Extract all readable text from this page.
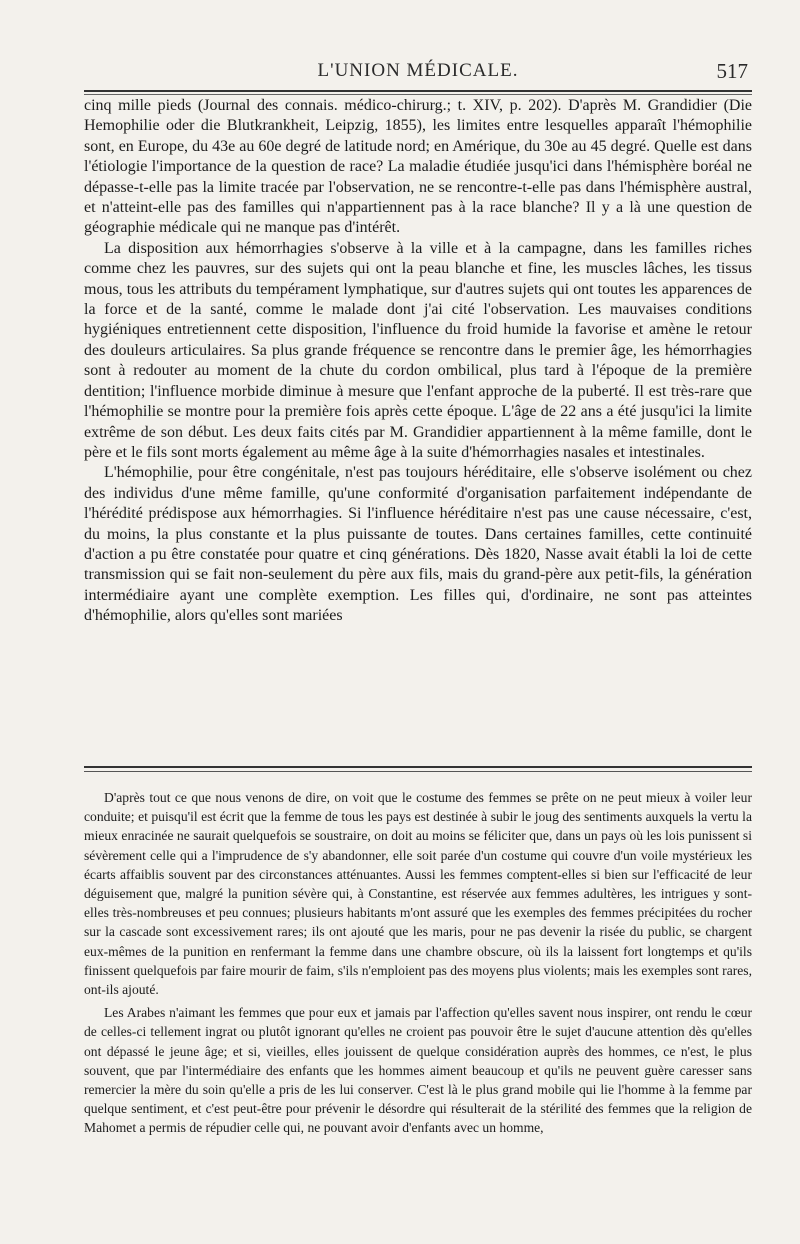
L'UNION MÉDICALE.	517

cinq mille pieds (Journal des connais. médico-chirurg.; t. XIV, p. 202). D'après M. Grandidier (Die Hemophilie oder die Blutkrankheit, Leipzig, 1855), les limites entre lesquelles apparaît l'hémophilie sont, en Europe, du 43e au 60e degré de latitude nord; en Amérique, du 30e au 45 degré. Quelle est dans l'étiologie l'importance de la question de race? La maladie étudiée jusqu'ici dans l'hémisphère boréal ne dépasse-t-elle pas la limite tracée par l'observation, ne se rencontre-t-elle pas dans l'hémisphère austral, et n'atteint-elle pas des familles qui n'appartiennent pas à la race blanche? Il y a là une question de géographie médicale qui ne manque pas d'intérêt.

La disposition aux hémorrhagies s'observe à la ville et à la campagne, dans les familles riches comme chez les pauvres, sur des sujets qui ont la peau blanche et fine, les muscles lâches, les tissus mous, tous les attributs du tempérament lymphatique, sur d'autres sujets qui ont toutes les apparences de la force et de la santé, comme le malade dont j'ai cité l'observation. Les mauvaises conditions hygiéniques entretiennent cette disposition, l'influence du froid humide la favorise et amène le retour des douleurs articulaires. Sa plus grande fréquence se rencontre dans le premier âge, les hémorrhagies sont à redouter au moment de la chute du cordon ombilical, plus tard à l'époque de la première dentition; l'influence morbide diminue à mesure que l'enfant approche de la puberté. Il est très-rare que l'hémophilie se montre pour la première fois après cette époque. L'âge de 22 ans a été jusqu'ici la limite extrême de son début. Les deux faits cités par M. Grandidier appartiennent à la même famille, dont le père et le fils sont morts également au même âge à la suite d'hémorrhagies nasales et intestinales.

L'hémophilie, pour être congénitale, n'est pas toujours héréditaire, elle s'observe isolément ou chez des individus d'une même famille, qu'une conformité d'organisation parfaitement indépendante de l'hérédité prédispose aux hémorrhagies. Si l'influence héréditaire n'est pas une cause nécessaire, c'est, du moins, la plus constante et la plus puissante de toutes. Dans certaines familles, cette continuité d'action a pu être constatée pour quatre et cinq générations. Dès 1820, Nasse avait établi la loi de cette transmission qui se fait non-seulement du père aux fils, mais du grand-père aux petit-fils, la génération intermédiaire ayant une complète exemption. Les filles qui, d'ordinaire, ne sont pas atteintes d'hémophilie, alors qu'elles sont mariées

D'après tout ce que nous venons de dire, on voit que le costume des femmes se prête on ne peut mieux à voiler leur conduite; et puisqu'il est écrit que la femme de tous les pays est destinée à subir le joug des sentiments auxquels la vertu la mieux enracinée ne saurait quelquefois se soustraire, on doit au moins se féliciter que, dans un pays où les lois punissent si sévèrement celle qui a l'imprudence de s'y abandonner, elle soit parée d'un costume qui couvre d'un voile mystérieux les écarts affaiblis souvent par des circonstances atténuantes. Aussi les femmes comptent-elles si bien sur l'efficacité de leur déguisement que, malgré la punition sévère qui, à Constantine, est réservée aux femmes adultères, les intrigues y sont-elles très-nombreuses et peu connues; plusieurs habitants m'ont assuré que les exemples des femmes précipitées du rocher sur la cascade sont excessivement rares; ils ont ajouté que les maris, pour ne pas devenir la risée du public, se chargent eux-mêmes de la punition en renfermant la femme dans une chambre obscure, où ils la laissent fort longtemps et qu'ils finissent quelquefois par faire mourir de faim, s'ils n'emploient pas des moyens plus violents; mais les exemples sont rares, ont-ils ajouté.

Les Arabes n'aimant les femmes que pour eux et jamais par l'affection qu'elles savent nous inspirer, ont rendu le cœur de celles-ci tellement ingrat ou plutôt ignorant qu'elles ne croient pas pouvoir être le sujet d'aucune attention dès qu'elles ont dépassé le jeune âge; et si, vieilles, elles jouissent de quelque considération auprès des hommes, ce n'est, le plus souvent, que par l'intermédiaire des enfants que les hommes aiment beaucoup et qu'ils ne peuvent guère caresser sans remercier la mère du soin qu'elle a pris de les lui conserver. C'est là le plus grand mobile qui lie l'homme à la femme par quelque sentiment, et c'est peut-être pour prévenir le désordre qui résulterait de la stérilité des femmes que la religion de Mahomet a permis de répudier celle qui, ne pouvant avoir d'enfants avec un homme,
